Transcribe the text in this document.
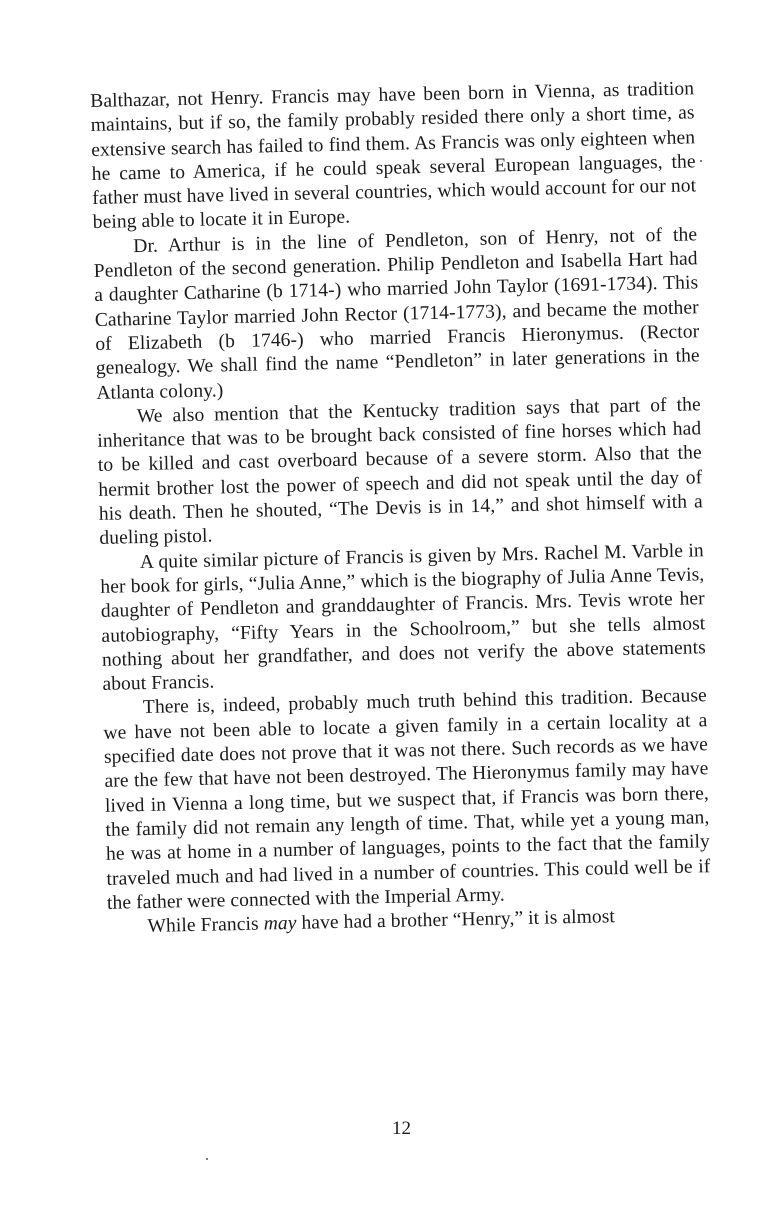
Balthazar, not Henry. Francis may have been born in Vienna, as tradition maintains, but if so, the family probably resided there only a short time, as extensive search has failed to find them. As Francis was only eighteen when he came to America, if he could speak several European languages, the father must have lived in several countries, which would account for our not being able to locate it in Europe.

Dr. Arthur is in the line of Pendleton, son of Henry, not of the Pendleton of the second generation. Philip Pendleton and Isabella Hart had a daughter Catharine (b 1714-) who married John Taylor (1691-1734). This Catharine Taylor married John Rector (1714-1773), and became the mother of Elizabeth (b 1746-) who married Francis Hieronymus. (Rector genealogy. We shall find the name “Pendleton” in later generations in the Atlanta colony.)

We also mention that the Kentucky tradition says that part of the inheritance that was to be brought back consisted of fine horses which had to be killed and cast overboard because of a severe storm. Also that the hermit brother lost the power of speech and did not speak until the day of his death. Then he shouted, “The Devis is in 14,” and shot himself with a dueling pistol.

A quite similar picture of Francis is given by Mrs. Rachel M. Varble in her book for girls, “Julia Anne,” which is the biography of Julia Anne Tevis, daughter of Pendleton and granddaughter of Francis. Mrs. Tevis wrote her autobiography, “Fifty Years in the Schoolroom,” but she tells almost nothing about her grandfather, and does not verify the above statements about Francis.

There is, indeed, probably much truth behind this tradition. Because we have not been able to locate a given family in a certain locality at a specified date does not prove that it was not there. Such records as we have are the few that have not been destroyed. The Hieronymus family may have lived in Vienna a long time, but we suspect that, if Francis was born there, the family did not remain any length of time. That, while yet a young man, he was at home in a number of languages, points to the fact that the family traveled much and had lived in a number of countries. This could well be if the father were connected with the Imperial Army.

While Francis may have had a brother “Henry,” it is almost

12
